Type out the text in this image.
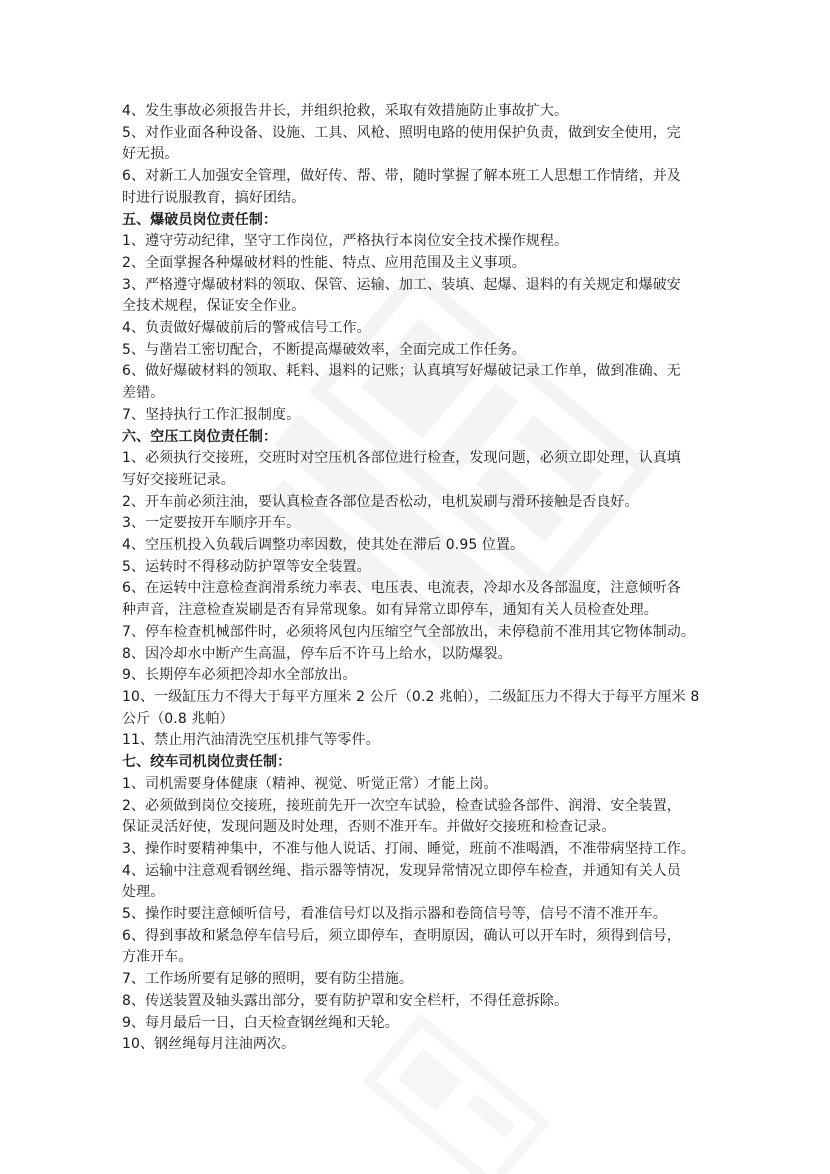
4、发生事故必须报告井长，并组织抢救，采取有效措施防止事故扩大。
5、对作业面各种设备、设施、工具、风枪、照明电路的使用保护负责，做到安全使用，完
好无损。
6、对新工人加强安全管理，做好传、帮、带，随时掌握了解本班工人思想工作情绪，并及
时进行说服教育，搞好团结。
五、爆破员岗位责任制：
1、遵守劳动纪律，坚守工作岗位，严格执行本岗位安全技术操作规程。
2、全面掌握各种爆破材料的性能、特点、应用范围及主义事项。
3、严格遵守爆破材料的领取、保管、运输、加工、装填、起爆、退料的有关规定和爆破安
全技术规程，保证安全作业。
4、负责做好爆破前后的警戒信号工作。
5、与凿岩工密切配合，不断提高爆破效率，全面完成工作任务。
6、做好爆破材料的领取、耗料、退料的记账；认真填写好爆破记录工作单，做到准确、无
差错。
7、坚持执行工作汇报制度。
六、空压工岗位责任制：
1、必须执行交接班，交班时对空压机各部位进行检查，发现问题，必须立即处理，认真填
写好交接班记录。
2、开车前必须注油，要认真检查各部位是否松动，电机炭刷与滑环接触是否良好。
3、一定要按开车顺序开车。
4、空压机投入负载后调整功率因数，使其处在滞后 0.95 位置。
5、运转时不得移动防护罩等安全装置。
6、在运转中注意检查润滑系统力率表、电压表、电流表，冷却水及各部温度，注意倾听各
种声音，注意检查炭刷是否有异常现象。如有异常立即停车，通知有关人员检查处理。
7、停车检查机械部件时，必须将风包内压缩空气全部放出，未停稳前不准用其它物体制动。
8、因冷却水中断产生高温，停车后不许马上给水，以防爆裂。
9、长期停车必须把冷却水全部放出。
10、一级缸压力不得大于每平方厘米 2 公斤（0.2 兆帕），二级缸压力不得大于每平方厘米 8
公斤（0.8 兆帕）
11、禁止用汽油清洗空压机排气等零件。
七、绞车司机岗位责任制：
1、司机需要身体健康（精神、视觉、听觉正常）才能上岗。
2、必须做到岗位交接班，接班前先开一次空车试验，检查试验各部件、润滑、安全装置，
保证灵活好使，发现问题及时处理，否则不准开车。并做好交接班和检查记录。
3、操作时要精神集中，不准与他人说话、打闹、睡觉，班前不准喝酒，不准带病坚持工作。
4、运输中注意观看钢丝绳、指示器等情况，发现异常情况立即停车检查，并通知有关人员
处理。
5、操作时要注意倾听信号，看准信号灯以及指示器和卷筒信号等，信号不清不准开车。
6、得到事故和紧急停车信号后，须立即停车，查明原因，确认可以开车时，须得到信号，
方准开车。
7、工作场所要有足够的照明，要有防尘措施。
8、传送装置及轴头露出部分，要有防护罩和安全栏杆，不得任意拆除。
9、每月最后一日，白天检查钢丝绳和天轮。
10、钢丝绳每月注油两次。
